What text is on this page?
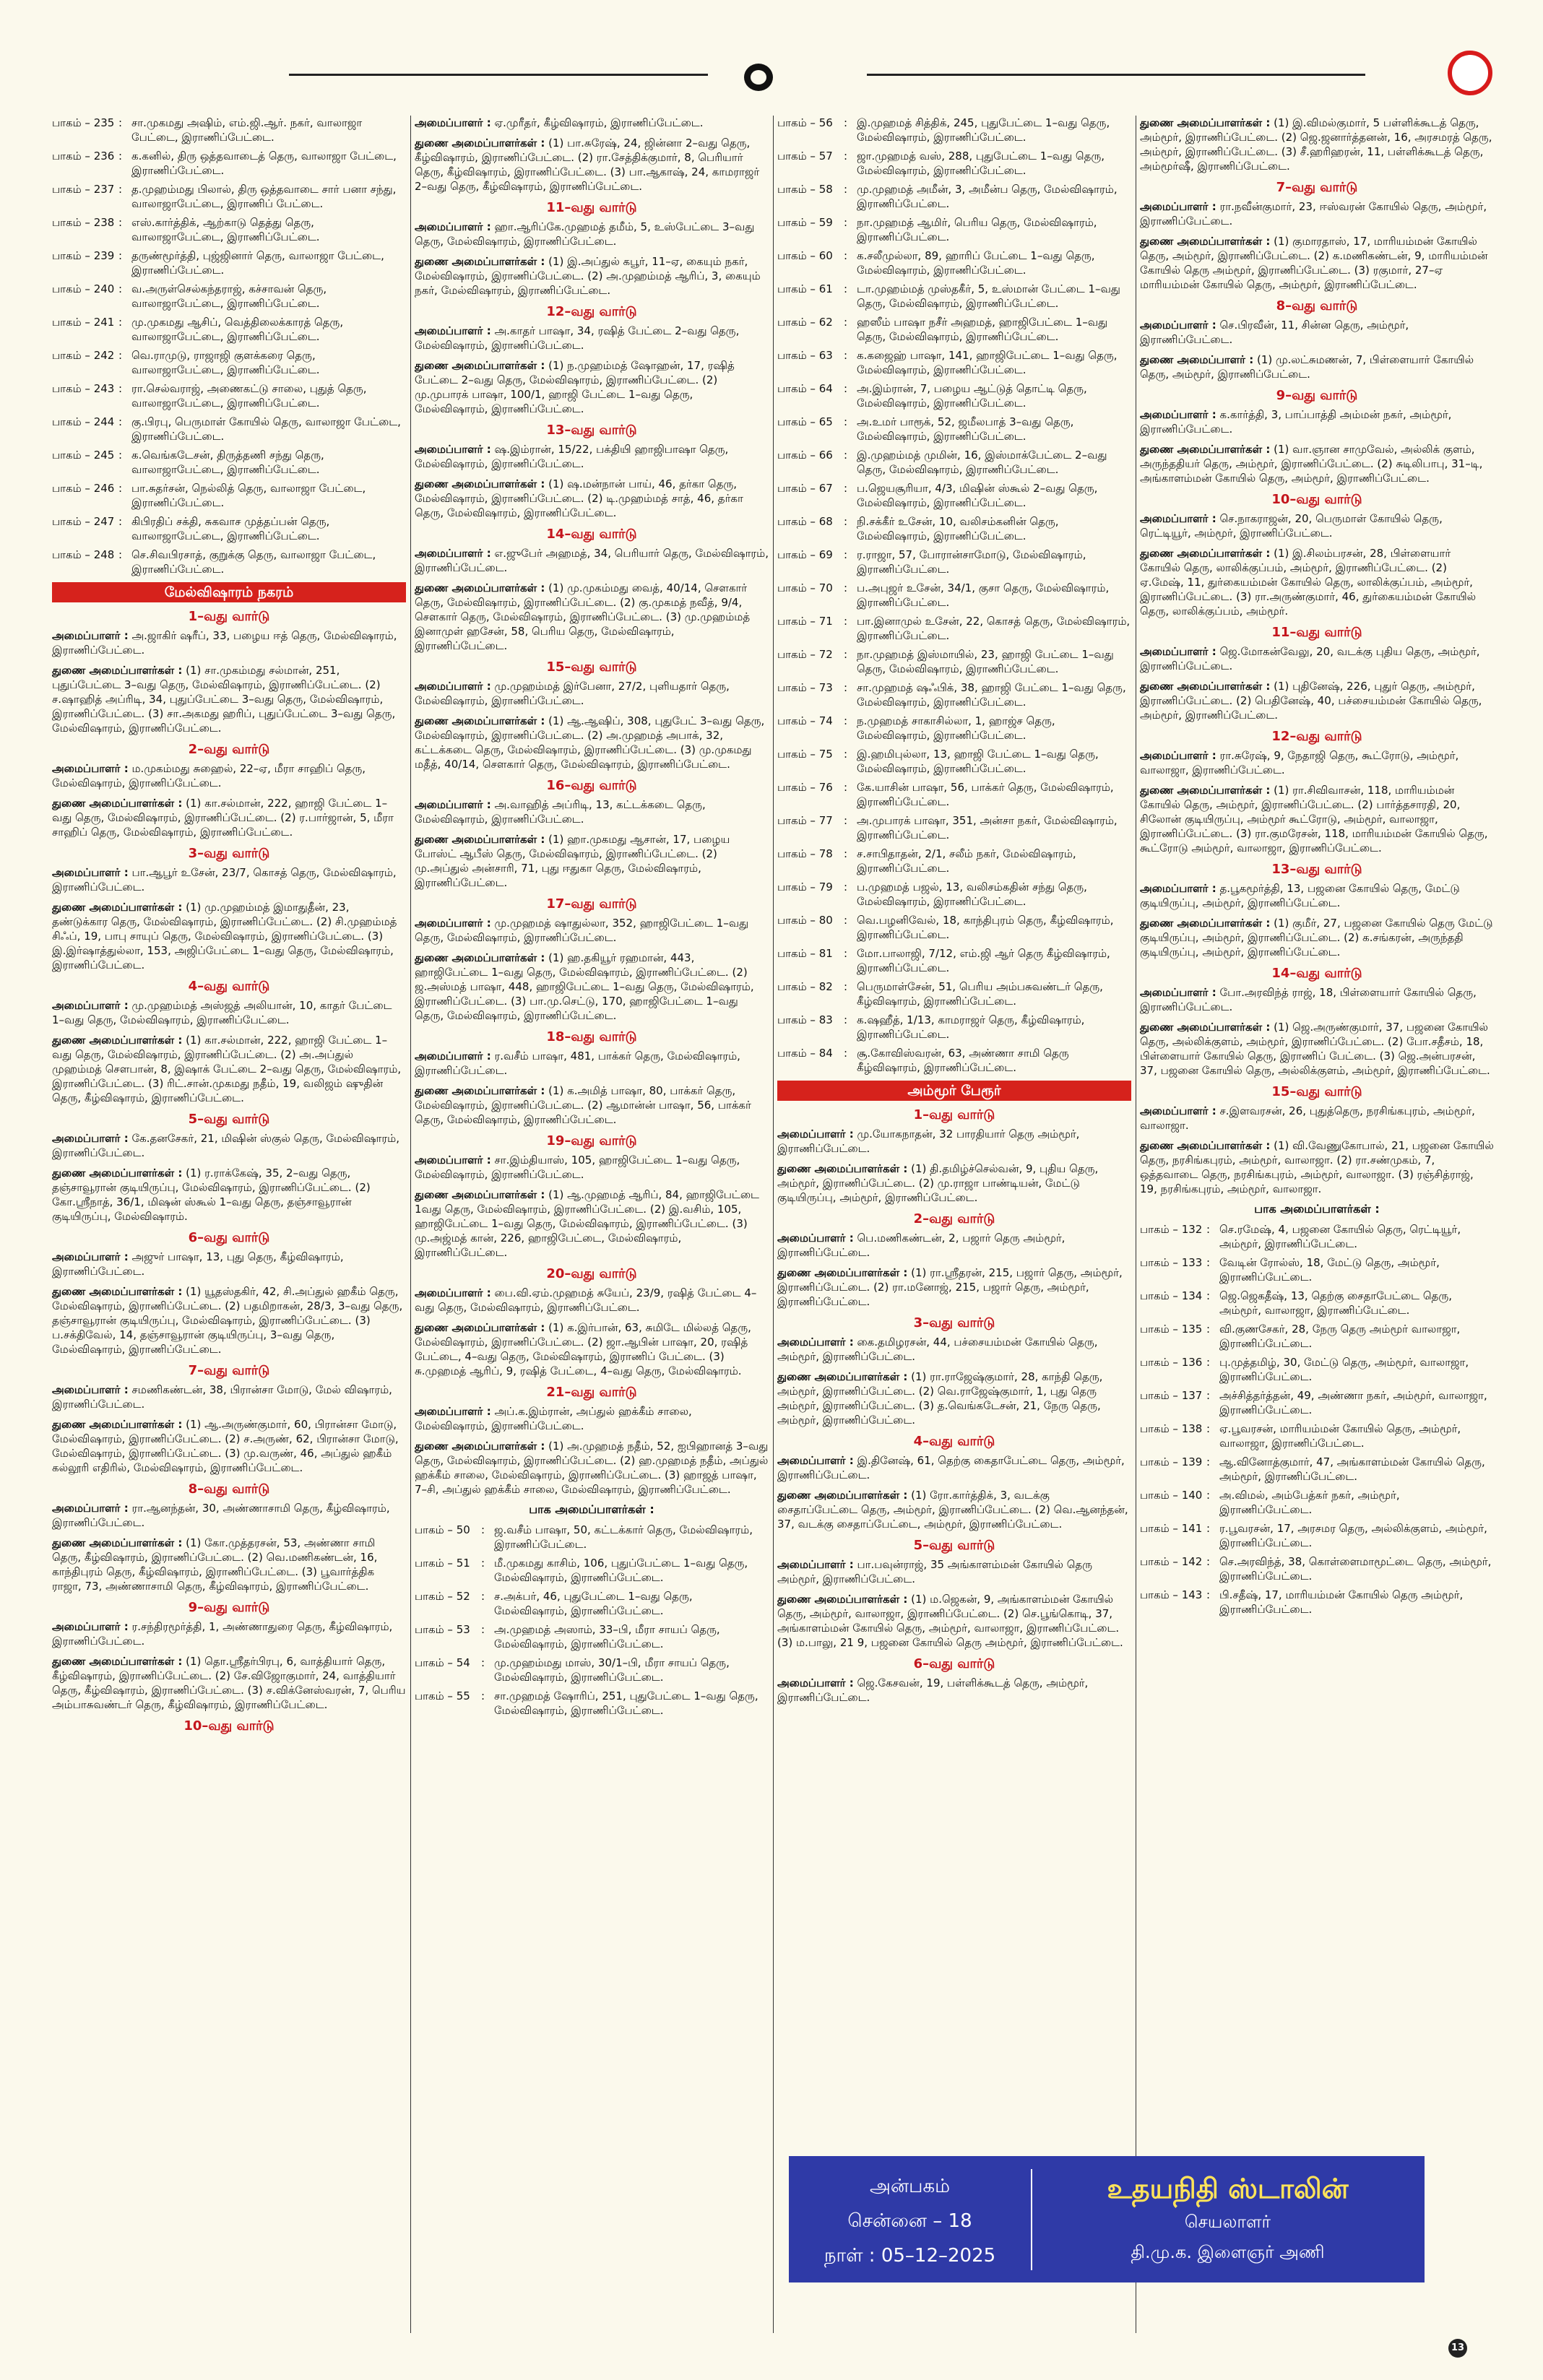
பாகம் – 235 : சா.முகமது அஷிம், எம்.ஜி.ஆர். நகர், வாலாஜா பேட்டை, இராணிப்பேட்டை.
பாகம் – 236 : க.கனில், திரு ஒத்தவாடைத் தெரு, வாலாஜா பேட்டை, இராணிப்பேட்டை.
பாகம் – 237 : த.முஹம்மது பிலால், திரு ஒத்தவாடை சார் பனா சந்து, வாலாஜாபேட்டை, இராணிப் பேட்டை.
பாகம் – 238 : எஸ்.கார்த்திக், ஆற்காடு தெத்து தெரு, வாலாஜாபேட்டை, இராணிப்பேட்டை.
பாகம் – 239 : தருண்மூர்த்தி, புஜ்ஜினார் தெரு, வாலாஜா பேட்டை, இராணிப்பேட்டை.
பாகம் – 240 : வ.அருள்செல்கந்தராஜ், கச்சாவன் தெரு, வாலாஜாபேட்டை, இராணிப்பேட்டை.
பாகம் – 241 : மு.முகமது ஆசிப், வெத்திலைக்காரத் தெரு, வாலாஜாபேட்டை, இராணிப்பேட்டை.
பாகம் – 242 : வெ.ராமுடு, ராஜாஜி குளக்கரை தெரு, வாலாஜாபேட்டை, இராணிப்பேட்டை.
பாகம் – 243 : ரா.செல்வராஜ், அணைகட்டு சாலை, புதுத் தெரு, வாலாஜாபேட்டை, இராணிப்பேட்டை.
பாகம் – 244 : கு.பிரபு, பெருமாள் கோயில் தெரு, வாலாஜா பேட்டை, இராணிப்பேட்டை.
பாகம் – 245 : க.வெங்கடேசன், திருத்தணி சந்து தெரு, வாலாஜாபேட்டை, இராணிப்பேட்டை.
பாகம் – 246 : பா.சுதர்சன், நெல்லித் தெரு, வாலாஜா பேட்டை, இராணிப்பேட்டை.
பாகம் – 247 : கிபிரதிப் சக்தி, சுகவாச முத்தப்பன் தெரு, வாலாஜாபேட்டை, இராணிப்பேட்டை.
பாகம் – 248 : செ.சிவபிரசாத், குறுக்கு தெரு, வாலாஜா பேட்டை, இராணிப்பேட்டை.
மேல்விஷாரம் நகரம்
1–வது வார்டு
அமைப்பாளர் : அ.ஜாகிர் ஷரீப், 33, பழைய ஈத் தெரு, மேல்விஷாரம், இராணிப்பேட்டை.
துணை அமைப்பாளர்கள் : (1) சா.முகம்மது சல்மான், 251, புதுப்பேட்டை 3–வது தெரு, மேல்விஷாரம், இராணிப்பேட்டை. (2) ச.ஷாஹித் அப்ரிடி, 34, புதுப்பேட்டை 3–வது தெரு, மேல்விஷாரம், இராணிப்பேட்டை. (3) சா.அகமது ஹரிப், புதுப்பேட்டை 3–வது தெரு, மேல்விஷாரம், இராணிப்பேட்டை.
2–வது வார்டு
அமைப்பாளர் : ம.முகம்மது சுஹைல், 22–ஏ, மீரா சாஹிப் தெரு, மேல்விஷாரம், இராணிப்பேட்டை.
துணை அமைப்பாளர்கள் : (1) கா.சல்மான், 222, ஹாஜி பேட்டை 1–வது தெரு, மேல்விஷாரம், இராணிப்பேட்டை. (2) ர.பார்ஜான், 5, மீரா சாஹிப் தெரு, மேல்விஷாரம், இராணிப்பேட்டை.
3–வது வார்டு
அமைப்பாளர் : பா.ஆபூர் உசேன், 23/7, கொசத் தெரு, மேல்விஷாரம், இராணிப்பேட்டை.
துணை அமைப்பாளர்கள் : (1) மு.முஹம்மத் இமாதுதீன், 23, தண்டுக்கார தெரு, மேல்விஷாரம், இராணிப்பேட்டை. (2) சி.முஹம்மத் சிஃப், 19, பாபு சாயுப் தெரு, மேல்விஷாரம், இராணிப்பேட்டை. (3) இ.இர்ஷாத்துல்லா, 153, அஜிப்பேட்டை 1–வது தெரு, மேல்விஷாரம், இராணிப்பேட்டை.
4–வது வார்டு
அமைப்பாளர் : மு.முஹம்மத் அஸ்ஜத் அலியான், 10, காதர் பேட்டை 1–வது தெரு, மேல்விஷாரம், இராணிப்பேட்டை.
துணை அமைப்பாளர்கள் : (1) கா.சல்மான், 222, ஹாஜி பேட்டை 1–வது தெரு, மேல்விஷாரம், இராணிப்பேட்டை. (2) அ.அப்துல் முஹம்மத் சௌபான், 8, இஷாக் பேட்டை 2–வது தெரு, மேல்விஷாரம், இராணிப்பேட்டை. (3) ரிட்.சான்.முகமது நதீம், 19, வலிஜம் ஷுதின் தெரு, கீழ்விஷாரம், இராணிப்பேட்டை.
5–வது வார்டு
அமைப்பாளர் : கே.தனசேகர், 21, மிஷின் ஸ்குல் தெரு, மேல்விஷாரம், இராணிப்பேட்டை.
துணை அமைப்பாளர்கள் : (1) ர.ராக்கேஷ், 35, 2–வது தெரு, தஞ்சாவூரான் குடியிருப்பு, மேல்விஷாரம், இராணிப்பேட்டை. (2) கோ.ஸ்ரீநாத், 36/1, மிஷன் ஸ்கூல் 1–வது தெரு, தஞ்சாவூரான் குடியிருப்பு, மேல்விஷாரம்.
6–வது வார்டு
அமைப்பாளர் : அஜுர் பாஷா, 13, புது தெரு, கீழ்விஷாரம், இராணிப்பேட்டை.
துணை அமைப்பாளர்கள் : (1) யூதஸ்தகிர், 42, சி.அப்துல் ஹகீம் தெரு, மேல்விஷாரம், இராணிப்பேட்டை. (2) பதமிறாகன், 28/3, 3–வது தெரு, தஞ்சாவூரான் குடியிருப்பு, மேல்விஷாரம், இராணிப்பேட்டை. (3) ப.சக்திவேல், 14, தஞ்சாவூரான் குடியிருப்பு, 3–வது தெரு, மேல்விஷாரம், இராணிப்பேட்டை.
7–வது வார்டு
அமைப்பாளர் : சமணிகண்டன், 38, பிரான்சா மோடு, மேல் விஷாரம், இராணிப்பேட்டை.
துணை அமைப்பாளர்கள் : (1) ஆ.அருண்குமார், 60, பிரான்சா மோடு, மேல்விஷாரம், இராணிப்பேட்டை. (2) ச.அருண், 62, பிரான்சா மோடு, மேல்விஷாரம், இராணிப்பேட்டை. (3) மு.வருண், 46, அப்துல் ஹகீம் கல்லூரி எதிரில், மேல்விஷாரம், இராணிப்பேட்டை.
8–வது வார்டு
அமைப்பாளர் : ரா.ஆனந்தன், 30, அண்ணாசாமி தெரு, கீழ்விஷாரம், இராணிப்பேட்டை.
துணை அமைப்பாளர்கள் : (1) கோ.முத்தரசன், 53, அண்ணா சாமி தெரு, கீழ்விஷாரம், இராணிப்பேட்டை. (2) வெ.மணிகண்டன், 16, காந்திபுரம் தெரு, கீழ்விஷாரம், இராணிப்பேட்டை. (3) பூவார்த்திக ராஜா, 73, அண்ணாசாமி தெரு, கீழ்விஷாரம், இராணிப்பேட்டை.
9–வது வார்டு
அமைப்பாளர் : ர.சந்திரமூர்த்தி, 1, அண்ணாதுரை தெரு, கீழ்விஷாரம், இராணிப்பேட்டை.
துணை அமைப்பாளர்கள் : (1) தொ.ஸ்ரீதர்பிரபு, 6, வாத்தியார் தெரு, கீழ்விஷாரம், இராணிப்பேட்டை. (2) சே.விஜோகுமார், 24, வாத்தியார் தெரு, கீழ்விஷாரம், இராணிப்பேட்டை. (3) ச.விக்னேஸ்வரன், 7, பெரிய அம்பாசுவண்டர் தெரு, கீழ்விஷாரம், இராணிப்பேட்டை.
10–வது வார்டு
அமைப்பாளர் : ஏ.முரீதர், கீழ்விஷாரம், இராணிப்பேட்டை.
துணை அமைப்பாளர்கள் : (1) பா.சுரேஷ், 24, ஜின்னா 2–வது தெரு, கீழ்விஷாரம், இராணிப்பேட்டை. (2) ரா.சேத்திக்குமார், 8, பெரியார் தெரு, கீழ்விஷாரம், இராணிப்பேட்டை. (3) பா.ஆகாஷ், 24, காமராஜர் 2–வது தெரு, கீழ்விஷாரம், இராணிப்பேட்டை.
11–வது வார்டு
அமைப்பாளர் : ஹா.ஆரிப்கே.முஹமத் தமீம், 5, உஸ்பேட்டை 3–வது தெரு, மேல்விஷாரம், இராணிப்பேட்டை.
துணை அமைப்பாளர்கள் : (1) இ.அப்துல் கபூர், 11–ஏ, கையும் நகர், மேல்விஷாரம், இராணிப்பேட்டை. (2) அ.முஹம்மத் ஆரிப், 3, கையும் நகர், மேல்விஷாரம், இராணிப்பேட்டை.
12–வது வார்டு
அமைப்பாளர் : அ.காதர் பாஷா, 34, ரஷித் பேட்டை 2–வது தெரு, மேல்விஷாரம், இராணிப்பேட்டை.
துணை அமைப்பாளர்கள் : (1) ந.முஹம்மத் ஷோஹன், 17, ரஷித் பேட்டை 2–வது தெரு, மேல்விஷாரம், இராணிப்பேட்டை. (2) மு.முபாரக் பாஷா, 100/1, ஹாஜி பேட்டை 1–வது தெரு, மேல்விஷாரம், இராணிப்பேட்டை.
13–வது வார்டு
அமைப்பாளர் : ஷ.இம்ரான், 15/22, பக்தியி ஹாஜிபாஷா தெரு, மேல்விஷாரம், இராணிப்பேட்டை.
துணை அமைப்பாளர்கள் : (1) ஷ.மன்நான் பாய், 46, தர்கா தெரு, மேல்விஷாரம், இராணிப்பேட்டை. (2) டி.முஹம்மத் சாத், 46, தர்கா தெரு, மேல்விஷாரம், இராணிப்பேட்டை.
14–வது வார்டு
அமைப்பாளர் : எ.ஜுபேர் அஹமத், 34, பெரியார் தெரு, மேல்விஷாரம், இராணிப்பேட்டை.
துணை அமைப்பாளர்கள் : (1) மு.முகம்மது வைத், 40/14, சௌகார் தெரு, மேல்விஷாரம், இராணிப்பேட்டை. (2) கு.முகமத் நவீத், 9/4, சௌகார் தெரு, மேல்விஷாரம், இராணிப்பேட்டை. (3) மு.முஹம்மத் இனாமுள் ஹசேன், 58, பெரிய தெரு, மேல்விஷாரம், இராணிப்பேட்டை.
15–வது வார்டு
அமைப்பாளர் : மு.முஹம்மத் இர்பேனா, 27/2, புளியதார் தெரு, மேல்விஷாரம், இராணிப்பேட்டை.
துணை அமைப்பாளர்கள் : (1) ஆ.ஆஷிப், 308, புதுபேட் 3–வது தெரு, மேல்விஷாரம், இராணிப்பேட்டை. (2) அ.முஹமத் அபாக், 32, கட்டக்கடை தெரு, மேல்விஷாரம், இராணிப்பேட்டை. (3) மு.முகமது மதீத், 40/14, சௌகார் தெரு, மேல்விஷாரம், இராணிப்பேட்டை.
16–வது வார்டு
அமைப்பாளர் : அ.வாஹித் அப்ரிடி, 13, கட்டக்கடை தெரு, மேல்விஷாரம், இராணிப்பேட்டை.
துணை அமைப்பாளர்கள் : (1) ஹா.முகமது ஆசான், 17, பழைய போஸ்ட் ஆபீஸ் தெரு, மேல்விஷாரம், இராணிப்பேட்டை. (2) மு.அப்துல் அன்சாரி, 71, புது ஈதுகா தெரு, மேல்விஷாரம், இராணிப்பேட்டை.
17–வது வார்டு
அமைப்பாளர் : மு.முஹமத் ஷாதுல்லா, 352, ஹாஜிபேட்டை 1–வது தெரு, மேல்விஷாரம், இராணிப்பேட்டை.
துணை அமைப்பாளர்கள் : (1) ஹ.தகியூர் ரஹமான், 443, ஹாஜிபேட்டை 1–வது தெரு, மேல்விஷாரம், இராணிப்பேட்டை. (2) ஜ.அஸ்மத் பாஷா, 448, ஹாஜிபேட்டை 1–வது தெரு, மேல்விஷாரம், இராணிப்பேட்டை. (3) பா.மு.செட்டு, 170, ஹாஜிபேட்டை 1–வது தெரு, மேல்விஷாரம், இராணிப்பேட்டை.
18–வது வார்டு
அமைப்பாளர் : ர.வசீம் பாஷா, 481, பாக்கர் தெரு, மேல்விஷாரம், இராணிப்பேட்டை.
துணை அமைப்பாளர்கள் : (1) க.அமித் பாஷா, 80, பாக்கர் தெரு, மேல்விஷாரம், இராணிப்பேட்டை. (2) ஆமான்ன் பாஷா, 56, பாக்கர் தெரு, மேல்விஷாரம், இராணிப்பேட்டை.
19–வது வார்டு
அமைப்பாளர் : சா.இம்தியாஸ், 105, ஹாஜிபேட்டை 1–வது தெரு, மேல்விஷாரம், இராணிப்பேட்டை.
துணை அமைப்பாளர்கள் : (1) ஆ.முஹமத் ஆரிப், 84, ஹாஜிபேட்டை 1வது தெரு, மேல்விஷாரம், இராணிப்பேட்டை. (2) இ.வசிம், 105, ஹாஜிபேட்டை 1–வது தெரு, மேல்விஷாரம், இராணிப்பேட்டை. (3) மு.அஜ்மத் கான், 226, ஹாஜிபேட்டை, மேல்விஷாரம், இராணிப்பேட்டை.
20–வது வார்டு
அமைப்பாளர் : பை.வி.ஏம்.முஹமத் சுயேப், 23/9, ரஷித் பேட்டை 4–வது தெரு, மேல்விஷாரம், இராணிப்பேட்டை.
துணை அமைப்பாளர்கள் : (1) க.இர்பான், 63, சுமிடே மில்லத் தெரு, மேல்விஷாரம், இராணிப்பேட்டை. (2) ஜா.ஆபின் பாஷா, 20, ரஷித் பேட்டை, 4–வது தெரு, மேல்விஷாரம், இராணிப் பேட்டை. (3) சு.முஹமத் ஆரிப், 9, ரஷித் பேட்டை, 4–வது தெரு, மேல்விஷாரம்.
21–வது வார்டு
அமைப்பாளர் : அப்.க.இம்ரான், அப்துல் ஹக்கீம் சாலை, மேல்விஷாரம், இராணிப்பேட்டை.
துணை அமைப்பாளர்கள் : (1) அ.முஹமத் நதீம், 52, ஐபிஹானத் 3–வது தெரு, மேல்விஷாரம், இராணிப்பேட்டை. (2) ஹ.முஹமத் நதீம், அப்துல் ஹக்கீம் சாலை, மேல்விஷாரம், இராணிப்பேட்டை. (3) ஹாஜத் பாஷா, 7–சி, அப்துல் ஹக்கீம் சாலை, மேல்விஷாரம், இராணிப்பேட்டை.
பாக அமைப்பாளர்கள் :
பாகம் – 50	: ஜ.வசீம் பாஷா, 50, கட்டக்கார் தெரு, மேல்விஷாரம், இராணிப்பேட்டை.
பாகம் – 51	: மீ.முகமது காசிம், 106, புதுப்பேட்டை 1–வது தெரு, மேல்விஷாரம், இராணிப்பேட்டை.
பாகம் – 52	: ச.அக்பர், 46, புதுபேட்டை 1–வது தெரு, மேல்விஷாரம், இராணிப்பேட்டை.
பாகம் – 53	: அ.முஹமத் அஸாம், 33–பி, மீரா சாயப் தெரு, மேல்விஷாரம், இராணிப்பேட்டை.
பாகம் – 54	: மு.முஹம்மது மாஸ், 30/1–பி, மீரா சாயப் தெரு, மேல்விஷாரம், இராணிப்பேட்டை.
பாகம் – 55	: சா.முஹமத் ஷோரிப், 251, புதுபேட்டை 1–வது தெரு, மேல்விஷாரம், இராணிப்பேட்டை.
பாகம் – 56	: இ.முஹமத் சித்திக், 245, புதுபேட்டை 1–வது தெரு, மேல்விஷாரம், இராணிப்பேட்டை.
பாகம் – 57	: ஜா.முஹமத் வஸ், 288, புதுபேட்டை 1–வது தெரு, மேல்விஷாரம், இராணிப்பேட்டை.
பாகம் – 58	: மு.முஹமத் அமீன், 3, அமீன்ப தெரு, மேல்விஷாரம், இராணிப்பேட்டை.
பாகம் – 59	: நா.முஹமத் ஆமிர், பெரிய தெரு, மேல்விஷாரம், இராணிப்பேட்டை.
பாகம் – 60	: க.சலீமுல்லா, 89, ஹாரிப் பேட்டை 1–வது தெரு, மேல்விஷாரம், இராணிப்பேட்டை.
பாகம் – 61	: டா.முஹம்மத் முஸ்தகீர், 5, உஸ்மான் பேட்டை 1–வது தெரு, மேல்விஷாரம், இராணிப்பேட்டை.
பாகம் – 62	: ஹஸீம் பாஷா நசீர் அஹமத், ஹாஜிபேட்டை 1–வது தெரு, மேல்விஷாரம், இராணிப்பேட்டை.
பாகம் – 63	: க.கஜைஹ் பாஷா, 141, ஹாஜிபேட்டை 1–வது தெரு, மேல்விஷாரம், இராணிப்பேட்டை.
பாகம் – 64	: அ.இம்ரான், 7, பழைய ஆட்டுத் தொட்டி தெரு, மேல்விஷாரம், இராணிப்பேட்டை.
பாகம் – 65	: அ.உமர் பாரூக், 52, ஜமீலபாத் 3–வது தெரு, மேல்விஷாரம், இராணிப்பேட்டை.
பாகம் – 66	: இ.முஹம்மத் முமின், 16, இஸ்மாக்பேட்டை 2–வது தெரு, மேல்விஷாரம், இராணிப்பேட்டை.
பாகம் – 67	: ப.ஜெயசூரியா, 4/3, மிஷின் ஸ்கூல் 2–வது தெரு, மேல்விஷாரம், இராணிப்பேட்டை.
பாகம் – 68	: நி.சக்கீர் உசேன், 10, வலிசம்கனின் தெரு, மேல்விஷாரம், இராணிப்பேட்டை.
பாகம் – 69	: ர.ராஜா, 57, போரான்சாமோடு, மேல்விஷாரம், இராணிப்பேட்டை.
பாகம் – 70	: ப.அபுஜர் உசேன், 34/1, குசா தெரு, மேல்விஷாரம், இராணிப்பேட்டை.
பாகம் – 71	: பா.இனாமுல் உசேன், 22, கொசத் தெரு, மேல்விஷாரம், இராணிப்பேட்டை.
பாகம் – 72	: நா.முஹமத் இஸ்மாயில், 23, ஹாஜி பேட்டை 1–வது தெரு, மேல்விஷாரம், இராணிப்பேட்டை.
பாகம் – 73	: சா.முஹமத் ஷஃபிக், 38, ஹாஜி பேட்டை 1–வது தெரு, மேல்விஷாரம், இராணிப்பேட்டை.
பாகம் – 74	: ந.முஹமத் சாகாசில்லா, 1, ஹாஜ்ச தெரு, மேல்விஷாரம், இராணிப்பேட்டை.
பாகம் – 75	: இ.ஹமிபுல்லா, 13, ஹாஜி பேட்டை 1–வது தெரு, மேல்விஷாரம், இராணிப்பேட்டை.
பாகம் – 76	: கே.யாசின் பாஷா, 56, பாக்கர் தெரு, மேல்விஷாரம், இராணிப்பேட்டை.
பாகம் – 77	: அ.முபாரக் பாஷா, 351, அன்சா நகர், மேல்விஷாரம், இராணிப்பேட்டை.
பாகம் – 78	: ச.சாபிதாதன், 2/1, சலீம் நகர், மேல்விஷாரம், இராணிப்பேட்டை.
பாகம் – 79	: ப.முஹமத் பஜல், 13, வலிசம்கதின் சந்து தெரு, மேல்விஷாரம், இராணிப்பேட்டை.
பாகம் – 80	: வெ.பழனிவேல், 18, காந்திபுரம் தெரு, கீழ்விஷாரம், இராணிப்பேட்டை.
பாகம் – 81	: மோ.பாலாஜி, 7/12, எம்.ஜி ஆர் தெரு கீழ்விஷாரம், இராணிப்பேட்டை.
பாகம் – 82	: பெருமாள்சேன், 51, பெரிய அம்பசுவண்டர் தெரு, கீழ்விஷாரம், இராணிப்பேட்டை.
பாகம் – 83	: க.ஷஹீத், 1/13, காமராஜர் தெரு, கீழ்விஷாரம், இராணிப்பேட்டை.
பாகம் – 84	: சூ.கோவிஸ்வரன், 63, அண்ணா சாமி தெரு கீழ்விஷாரம், இராணிப்பேட்டை.
அம்மூர் பேரூர்
1–வது வார்டு
அமைப்பாளர் : மு.யோகநாதன், 32 பாரதியார் தெரு அம்மூர், இராணிப்பேட்டை.
துணை அமைப்பாளர்கள் : (1) தி.தமிழ்ச்செல்வன், 9, புதிய தெரு, அம்மூர், இராணிப்பேட்டை. (2) மு.ராஜா பாண்டியன், மேட்டு குடியிருப்பு, அம்மூர், இராணிப்பேட்டை.
2–வது வார்டு
அமைப்பாளர் : பெ.மணிகண்டன், 2, பஜார் தெரு அம்மூர், இராணிப்பேட்டை.
துணை அமைப்பாளர்கள் : (1) ரா.ஸ்ரீதரன், 215, பஜார் தெரு, அம்மூர், இராணிப்பேட்டை. (2) ரா.மனோஜ், 215, பஜார் தெரு, அம்மூர், இராணிப்பேட்டை.
3–வது வார்டு
அமைப்பாளர் : கை.தமிழரசன், 44, பச்சையம்மன் கோயில் தெரு, அம்மூர், இராணிப்பேட்டை.
துணை அமைப்பாளர்கள் : (1) ரா.ராஜேஷ்குமார், 28, காந்தி தெரு, அம்மூர், இராணிப்பேட்டை. (2) வெ.ராஜேஷ்குமார், 1, புது தெரு அம்மூர், இராணிப்பேட்டை. (3) த.வெங்கடேசன், 21, நேரு தெரு, அம்மூர், இராணிப்பேட்டை.
4–வது வார்டு
அமைப்பாளர் : இ.தினேஷ், 61, தெற்கு கைதாபேட்டை தெரு, அம்மூர், இராணிப்பேட்டை.
துணை அமைப்பாளர்கள் : (1) ரோ.கார்த்திக், 3, வடக்கு சைதாப்பேட்டை தெரு, அம்மூர், இராணிப்பேட்டை. (2) வெ.ஆனந்தன், 37, வடக்கு சைதாப்பேட்டை, அம்மூர், இராணிப்பேட்டை.
5–வது வார்டு
அமைப்பாளர் : பா.பவுன்ராஜ், 35 அங்காளம்மன் கோயில் தெரு அம்மூர், இராணிப்பேட்டை.
துணை அமைப்பாளர்கள் : (1) ம.ஜெகன், 9, அங்காளம்மன் கோயில் தெரு, அம்மூர், வாலாஜா, இராணிப்பேட்டை. (2) செ.பூங்கொடி, 37, அங்காளம்மன் கோயில் தெரு, அம்மூர், வாலாஜா, இராணிப்பேட்டை. (3) ம.பாலு, 21 9, பஜனை கோயில் தெரு அம்மூர், இராணிப்பேட்டை.
6–வது வார்டு
அமைப்பாளர் : ஜெ.கேசவன், 19, பள்ளிக்கூடத் தெரு, அம்மூர், இராணிப்பேட்டை.
துணை அமைப்பாளர்கள் : (1) இ.விமல்குமார், 5 பள்ளிக்கூடத் தெரு, அம்மூர், இராணிப்பேட்டை. (2) ஜெ.ஜனார்த்தனன், 16, அரசமரத் தெரு, அம்மூர், இராணிப்பேட்டை. (3) சீ.ஹரிஹரன், 11, பள்ளிக்கூடத் தெரு, அம்மூர்ஷீ, இராணிப்பேட்டை.
7–வது வார்டு
அமைப்பாளர் : ரா.நவீன்குமார், 23, ஈஸ்வரன் கோயில் தெரு, அம்மூர், இராணிப்பேட்டை.
துணை அமைப்பாளர்கள் : (1) குமாரதாஸ், 17, மாரியம்மன் கோயில் தெரு, அம்மூர், இராணிப்பேட்டை. (2) க.மணிகண்டன், 9, மாரியம்மன் கோயில் தெரு அம்மூர், இராணிப்பேட்டை. (3) ரகுமார், 27–ஏ மாரியம்மன் கோயில் தெரு, அம்மூர், இராணிப்பேட்டை.
8–வது வார்டு
அமைப்பாளர் : செ.பிரவீன், 11, சின்ன தெரு, அம்மூர், இராணிப்பேட்டை.
துணை அமைப்பாளர் : (1) மு.லட்சுமணன், 7, பிள்ளையார் கோயில் தெரு, அம்மூர், இராணிப்பேட்டை.
9–வது வார்டு
அமைப்பாளர் : க.கார்த்தி, 3, பாப்பாத்தி அம்மன் நகர், அம்மூர், இராணிப்பேட்டை.
துணை அமைப்பாளர்கள் : (1) வா.ஞான சாமுவேல், அல்லிக் குளம், அருந்ததியர் தெரு, அம்மூர், இராணிப்பேட்டை. (2) சுடிலிபாபு, 31–டி, அங்காளம்மன் கோயில் தெரு, அம்மூர், இராணிப்பேட்டை.
10–வது வார்டு
அமைப்பாளர் : செ.நாகராஜன், 20, பெருமாள் கோயில் தெரு, ரெட்டியூர், அம்மூர், இராணிப்பேட்டை.
துணை அமைப்பாளர்கள் : (1) இ.சிலம்பரசன், 28, பிள்ளையார் கோயில் தெரு, லாலிக்குப்பம், அம்மூர், இராணிப்பேட்டை. (2) ஏ.மேஷ், 11, துர்கையம்மன் கோயில் தெரு, லாலிக்குப்பம், அம்மூர், இராணிப்பேட்டை. (3) ரா.அருண்குமார், 46, துர்கையம்மன் கோயில் தெரு, லாலிக்குப்பம், அம்மூர்.
11–வது வார்டு
அமைப்பாளர் : ஜெ.மோகன்வேலு, 20, வடக்கு புதிய தெரு, அம்மூர், இராணிப்பேட்டை.
துணை அமைப்பாளர்கள் : (1) புதினேஷ், 226, புதுர் தெரு, அம்மூர், இராணிப்பேட்டை. (2) பெதினேஷ், 40, பச்சையம்மன் கோயில் தெரு, அம்மூர், இராணிப்பேட்டை.
12–வது வார்டு
அமைப்பாளர் : ரா.சுரேஷ், 9, நேதாஜி தெரு, கூட்ரோடு, அம்மூர், வாலாஜா, இராணிப்பேட்டை.
துணை அமைப்பாளர்கள் : (1) ரா.சிவிவாசன், 118, மாரியம்மன் கோயில் தெரு, அம்மூர், இராணிப்பேட்டை. (2) பார்த்தசாரதி, 20, சிலோன் குடியிருப்பு, அம்மூர் கூட்ரோடு, அம்மூர், வாலாஜா, இராணிப்பேட்டை. (3) ரா.குமரேசன், 118, மாரியம்மன் கோயில் தெரு, கூட்ரோடு அம்மூர், வாலாஜா, இராணிப்பேட்டை.
13–வது வார்டு
அமைப்பாளர் : த.பூகமூர்த்தி, 13, பஜனை கோயில் தெரு, மேட்டு குடியிருப்பு, அம்மூர், இராணிப்பேட்டை.
துணை அமைப்பாளர்கள் : (1) குமீர், 27, பஜனை கோயில் தெரு மேட்டு குடியிருப்பு, அம்மூர், இராணிப்பேட்டை. (2) க.சங்கரன், அருந்ததி குடியிருப்பு, அம்மூர், இராணிப்பேட்டை.
14–வது வார்டு
அமைப்பாளர் : போ.அரவிந்த் ராஜ், 18, பிள்ளையார் கோயில் தெரு, இராணிப்பேட்டை.
துணை அமைப்பாளர்கள் : (1) ஜெ.அருண்குமார், 37, பஜனை கோயில் தெரு, அல்லிக்குளம், அம்மூர், இராணிப்பேட்டை. (2) போ.சதீசம், 18, பிள்ளையார் கோயில் தெரு, இராணிப் பேட்டை. (3) ஜெ.அன்பரசன், 37, பஜனை கோயில் தெரு, அல்லிக்குளம், அம்மூர், இராணிப்பேட்டை.
15–வது வார்டு
அமைப்பாளர் : ச.இளவரசன், 26, புதுத்தெரு, நரசிங்கபுரம், அம்மூர், வாலாஜா.
துணை அமைப்பாளர்கள் : (1) வி.வேணுகோபால், 21, பஜனை கோயில் தெரு, நரசிங்கபுரம், அம்மூர், வாலாஜா. (2) ரா.சண்முகம், 7, ஒத்தவாடை தெரு, நரசிங்கபுரம், அம்மூர், வாலாஜா. (3) ரஞ்சித்ராஜ், 19, நரசிங்கபுரம், அம்மூர், வாலாஜா.
பாக அமைப்பாளர்கள் :
பாகம் – 132 : செ.ரமேஷ், 4, பஜனை கோயில் தெரு, ரெட்டியூர், அம்மூர், இராணிப்பேட்டை.
பாகம் – 133 : வேடின் ரோல்ஸ், 18, மேட்டு தெரு, அம்மூர், இராணிப்பேட்டை.
பாகம் – 134 : ஜெ.ஜெகதீஷ், 13, தெற்கு சைதாபேட்டை தெரு, அம்மூர், வாலாஜா, இராணிப்பேட்டை.
பாகம் – 135 : வி.குணசேகர், 28, நேரு தெரு அம்மூர் வாலாஜா, இராணிப்பேட்டை.
பாகம் – 136 : பு.முத்தமிழ், 30, மேட்டு தெரு, அம்மூர், வாலாஜா, இராணிப்பேட்டை.
பாகம் – 137 : அச்சித்தர்த்தன், 49, அண்ணா நகர், அம்மூர், வாலாஜா, இராணிப்பேட்டை.
பாகம் – 138 : ஏ.பூவரசன், மாரியம்மன் கோயில் தெரு, அம்மூர், வாலாஜா, இராணிப்பேட்டை.
பாகம் – 139 : ஆ.வினோத்குமார், 47, அங்காளம்மன் கோயில் தெரு, அம்மூர், இராணிப்பேட்டை.
பாகம் – 140 : அ.விமல், அம்பேத்கர் நகர், அம்மூர், இராணிப்பேட்டை.
பாகம் – 141 : ர.பூவரசன், 17, அரசமர தெரு, அல்லிக்குளம், அம்மூர், இராணிப்பேட்டை.
பாகம் – 142 : செ.அரவிந்த், 38, கொள்ளைமாமூட்டை தெரு, அம்மூர், இராணிப்பேட்டை.
பாகம் – 143 : பி.சதீஷ், 17, மாரியம்மன் கோயில் தெரு அம்மூர், இராணிப்பேட்டை.
அன்பகம்
சென்னை – 18
நாள் : 05–12–2025
உதயநிதி ஸ்டாலின்
செயலாளர்
தி.மு.க. இளைஞர் அணி
13
